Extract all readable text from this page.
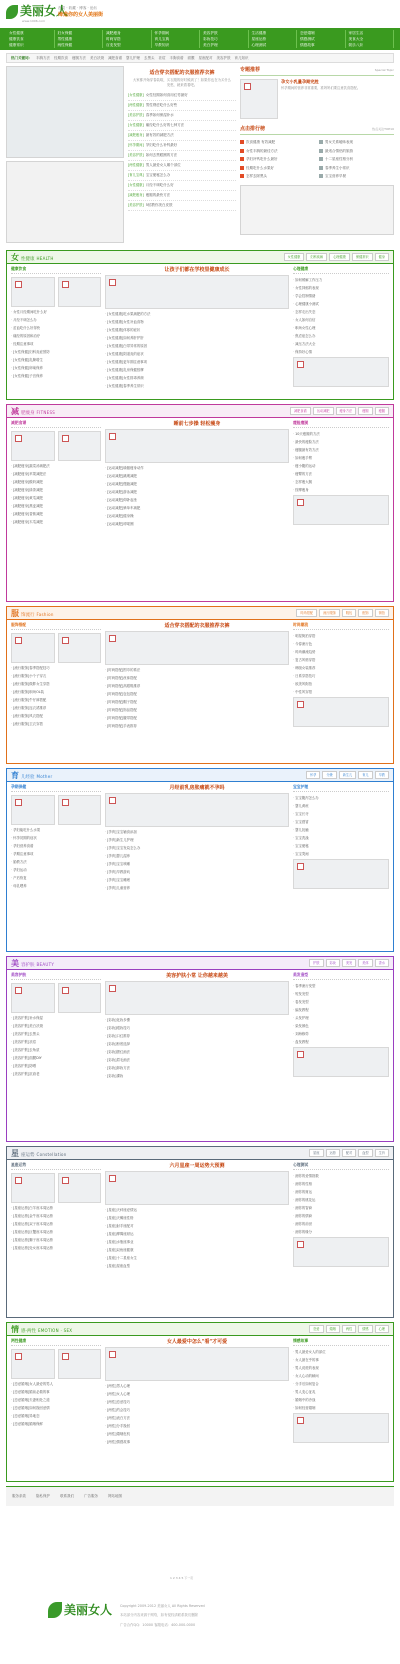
美丽女人
www.1006.com
首页 · 收藏 · 博客 · 论坛
缔造你的女人美丽街
女性健康
健康饮食
健康常识
妇女保健
男性健康
两性保健
减肥瘦身
时尚穿搭
百变发型
怀孕期间
育儿宝典
早教知识
美容护肤
彩妆技巧
美白护理
生活健康
星座运势
心理测试
恋爱婚姻
情感测试
情感故事
家居生活
美食大全
娱乐八卦
热门关键词： 丰胸方法 经期饮食 瘦腿方法 美白祛斑 减肥食谱 婴儿护理 去黑头 祛痘 丰胸食谱 面膜 星座配对 美容护肤 育儿知识
适合穿衣搭配的衣服推荐衣裤
大家都开始穿春装啦，买衣服的好时候到了！如果你也在为买什么发愁，就来看看吧。
[女性健康] 女性经期如何食用红枣最好
[两性健康] 男性肾虚吃什么好些
[美容护肤] 春季如何保湿补水
[女性健康] 痛经吃什么好的七种方法
[减肥瘦身] 最有效的减肥方法
[怀孕期间] 孕妇吃什么补钙最好
[美容护肤] 如何去黑眼圈的方法
[两性健康] 男人最爱女人哪个部位
[育儿宝典] 宝宝便秘怎么办
[女性健康] 月经不调吃什么好
[减肥瘦身] 瘦腿的最快方法
[美容护肤] 5招教你美白皮肤
专题推荐	Special Topic
孕女小乳量孕期完胜
怀孕期间的营养非常重要，准妈妈们要注意饮食搭配。
点击排行榜	热点关注TOP10
饮食健康 有效减肥
女性丰胸的最佳方法
孕妇补钙吃什么最好
经期吃什么水果好
怎样去除黑头
男女关系暧昧表现
最适合情侣的旅游
十二星座性格分析
春季养生小常识
宝宝营养早餐
女 性健康 HEALTH	女性健康	妇科疾病	心理健康	保健常识	健身
健康饮食
· 女性月经期间吃什么好
· 月经不调怎么办
· 贫血吃什么好得快
· 痛经的原因和治疗
· 经期注意事项
· [女性保健]妇科炎症预防
· [女性保健]乳腺增生
· [女性保健]卵巢保养
· [女性保健]子宫保养
让孩子们都在学校里健康成长
· [女性健康]吃水果减肥的方法
· [女性健康]女性补血食物
· [女性健康]体寒的症状
· [女性健康]如何养肝护肝
· [女性健康]白带异常的原因
· [女性健康]阴道炎的症状
· [女性健康]更年期注意事项
· [女性健康]乳房保健按摩
· [女性健康]女性排毒养颜
· [女性健康]春季养生常识
心理健康
· 如何缓解工作压力
· 女性抑郁的表现
· 学会控制情绪
· 心理健康小测试
· 怎样走出失恋
· 女人如何自信
· 职场女性心理
· 焦虑症怎么办
· 减压方法大全
· 保持好心情
减 肥瘦身 FITNESS	减肥食谱	运动减肥	瘦身方法	瘦腿	瘦腰
减肥食谱
· [减肥瘦身]蔬菜汤减肥法
· [减肥瘦身]苹果减肥法
· [减肥瘦身]酸奶减肥
· [减肥瘦身]绿茶减肥
· [减肥瘦身]黄瓜减肥
· [减肥瘦身]燕麦减肥
· [减肥瘦身]香蕉减肥
· [减肥瘦身]木瓜减肥
睡前七步操 轻松瘦身
· [运动减肥]瑜伽瘦身动作
· [运动减肥]跳绳减肥
· [运动减肥]慢跑减肥
· [运动减肥]游泳减肥
· [运动减肥]仰卧起坐
· [运动减肥]骑单车减肥
· [运动减肥]健身操
· [运动减肥]呼啦圈
瘦脸瘦腿
· 10天瘦腿的方法
· 最快的瘦脸方法
· 瘦腰最有效方法
· 如何瘦手臂
· 瘦小腹的运动
· 瘦臀的方法
· 怎样瘦大腿
· 按摩瘦身
服 饰流行 Fashion	时尚搭配	流行服饰	鞋包	配饰	街拍
服饰搭配
· [流行服饰]春季搭配技巧
· [流行服饰]小个子穿衣
· [流行服饰]微胖女生穿搭
· [流行服饰]职场OL装
· [流行服饰]牛仔裤搭配
· [流行服饰]连衣裙推荐
· [流行服饰]风衣搭配
· [流行服饰]卫衣穿搭
适合穿衣搭配的衣服推荐衣裤
· [时尚搭配]围巾的系法
· [时尚搭配]丝袜搭配
· [时尚搭配]高跟鞋推荐
· [时尚搭配]包包搭配
· [时尚搭配]帽子搭配
· [时尚搭配]饰品搭配
· [时尚搭配]腰带搭配
· [时尚搭配]手表推荐
时尚潮流
· 明星街拍穿搭
· 今春流行色
· 时尚潮流趋势
· 复古风格穿搭
· 韩版女装推荐
· 日系穿搭技巧
· 欧美风街拍
· 中性风穿搭
育 儿经验 Mother	怀孕	分娩	新生儿	育儿	早教
孕期保健
· 孕妇能吃什么水果
· 怀孕初期的症状
· 孕妇营养食谱
· 孕期注意事项
· 胎教方法
· 孕妇运动
· 产后恢复
· 母乳喂养
月经前乳房胀痛就不孕吗
· [孕育]宝宝辅食添加
· [孕育]新生儿护理
· [孕育]宝宝发烧怎么办
· [孕育]婴儿湿疹
· [孕育]宝宝咳嗽
· [孕育]早教游戏
· [孕育]宝宝睡眠
· [孕育]儿童营养
宝宝护理
· 宝宝腹泻怎么办
· 婴儿黄疸
· 宝宝长牙
· 宝宝感冒
· 婴儿抚触
· 宝宝洗澡
· 宝宝便秘
· 宝宝哭闹
美 容护肤 BEAUTY	护肤	彩妆	美发	美体	香水
美容护肤
· [美容护肤]补水保湿
· [美容护肤]美白祛斑
· [美容护肤]去黑头
· [美容护肤]祛痘
· [美容护肤]去角质
· [美容护肤]面膜DIY
· [美容护肤]防晒
· [美容护肤]抗衰老
美容护肤小常 让你越来越美
· [彩妆]化妆步骤
· [彩妆]眼妆技巧
· [彩妆]口红推荐
· [彩妆]粉底选择
· [彩妆]腮红画法
· [彩妆]眉毛画法
· [彩妆]卸妆方法
· [彩妆]裸妆
美发造型
· 春季流行发型
· 短发发型
· 卷发发型
· 编发教程
· 头发护理
· 染发颜色
· 刘海修剪
· 盘发教程
星 座运势 Constellation	星座	运势	配对	血型	生肖
星座运势
· [星座运势]白羊座本周运势
· [星座运势]金牛座本周运势
· [星座运势]双子座本周运势
· [星座运势]巨蟹座本周运势
· [星座运势]狮子座本周运势
· [星座运势]处女座本周运势
六月星座一周运势大预测
· [星座]天秤座爱情运
· [星座]天蝎座性格
· [星座]射手座配对
· [星座]摩羯座财运
· [星座]水瓶座事业
· [星座]双鱼座健康
· [星座]十二星座女生
· [星座]星座血型
心理测试
· 测你的爱情指数
· 测你的性格
· 测你的财运
· 测你的桃花运
· 测你的智商
· 测你的情商
· 测你的前世
· 测你的缘分
情 感·两性 EMOTION · SEX	恋爱	婚姻	两性	情感	心理
两性健康
· [恋爱婚姻]女人最爱的男人
· [恋爱婚姻]婚前必做的事
· [恋爱婚姻]夫妻相处之道
· [恋爱婚姻]如何挽回爱情
· [恋爱婚姻]异地恋
· [恋爱婚姻]婚姻保鲜
女人最爱中怎么"看"才可爱
· [两性]男人心理
· [两性]女人心理
· [两性]恋爱技巧
· [两性]约会技巧
· [两性]表白方法
· [两性]分手挽回
· [两性]婚姻危机
· [两性]情感故事
情感故事
· 男人最爱女人的部位
· 女人最在乎的事
· 男人说谎的表现
· 女人心动的瞬间
· 分手后如何复合
· 男人变心征兆
· 婚姻中的冷战
· 如何经营婚姻
服务条款	隐私保护	联系我们	广告服务	网站地图
1 2 3 4 5 下一页
美丽女人 Copyright 2009-2012 美丽女人 All Rights Reserved
本站部分内容来源于网络，如有侵权请联系我们删除
广告合作QQ：10000 客服电话：400-000-0000
